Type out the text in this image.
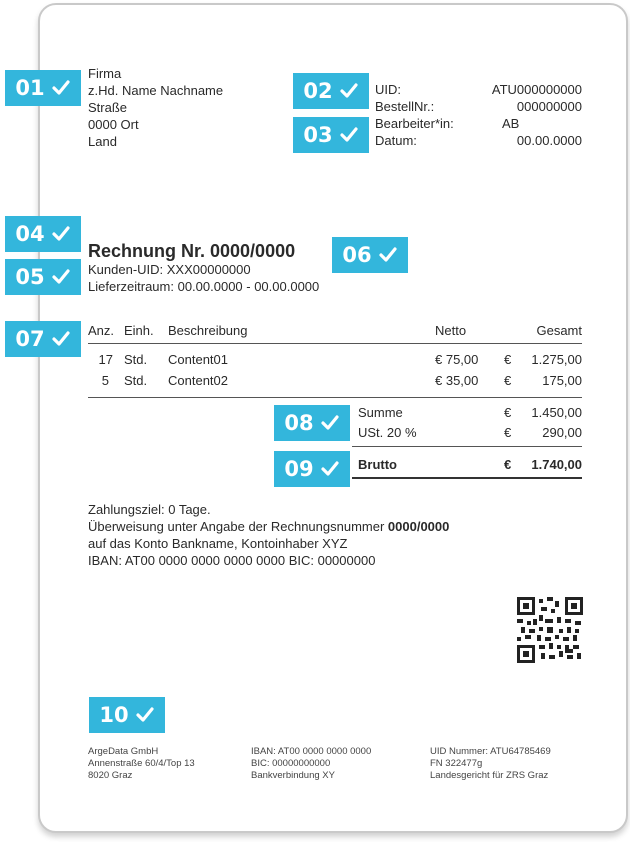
01	02
03
04
05
06
07
08
09
10
Firma
z.Hd. Name Nachname
Straße
0000 Ort
Land
UID:	ATU000000000
BestellNr.:	000000000
Bearbeiter*in:	AB
Datum:	00.00.0000
Rechnung Nr. 0000/0000
Kunden-UID: XXX00000000
Lieferzeitraum: 00.00.0000 - 00.00.0000
Anz. Einh. Beschreibung	Netto	Gesamt
17 Std. Content01	€ 75,00 € 1.275,00
5 Std. Content02	€ 35,00 € 175,00
Summe	€ 1.450,00
USt. 20 %	€ 290,00
Brutto	€ 1.740,00
Zahlungsziel: 0 Tage.
Überweisung unter Angabe der Rechnungsnummer 0000/0000
auf das Konto Bankname, Kontoinhaber XYZ
IBAN: AT00 0000 0000 0000 0000 BIC: 00000000
ArgeData GmbH
Annenstraße 60/4/Top 13
8020 Graz
IBAN: AT00 0000 0000 0000
BIC: 00000000000
Bankverbindung XY
UID Nummer: ATU64785469
FN 322477g
Landesgericht für ZRS Graz
